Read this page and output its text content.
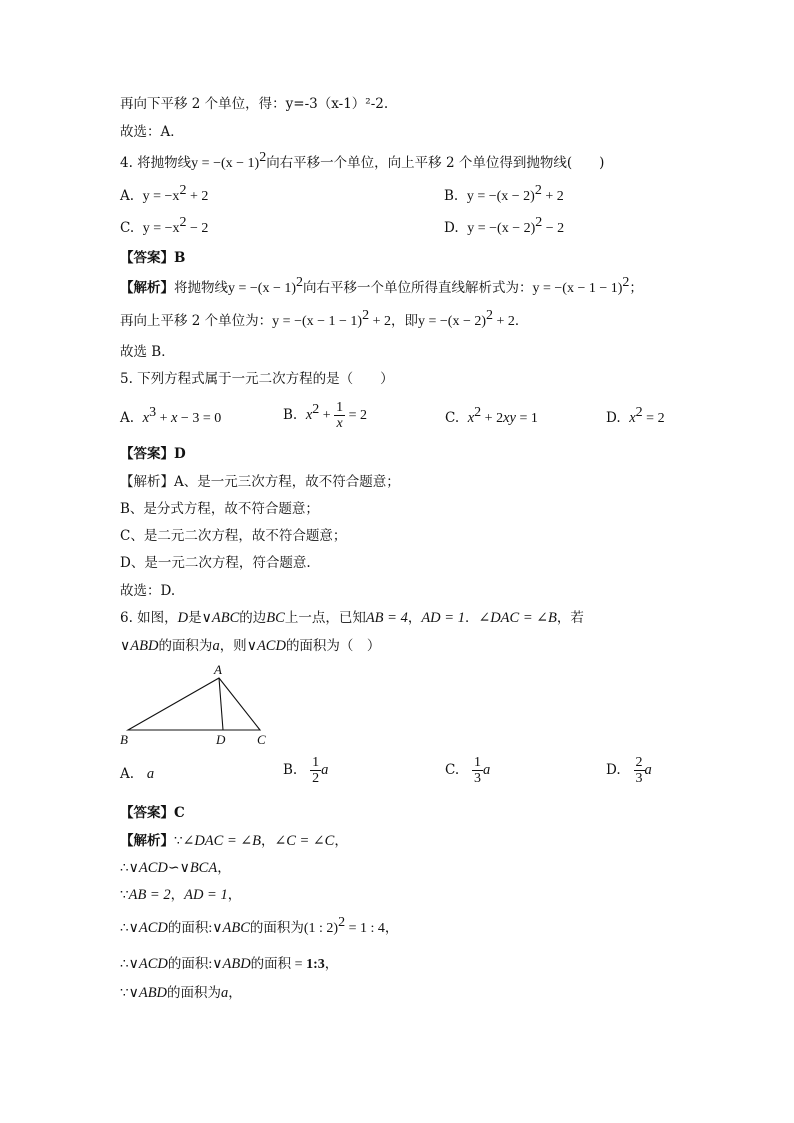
再向下平移 2 个单位，得：y=-3（x-1）²-2.
故选：A．
4. 将抛物线$y = -(x - 1)^2$向右平移一个单位，向上平移 2 个单位得到抛物线(　　)
A. $y = -x^2 + 2$	B. $y = -(x - 2)^2 + 2$
C. $y = -x^2 - 2$	D. $y = -(x - 2)^2 - 2$
【答案】B
【解析】将抛物线$y = -(x - 1)^2$向右平移一个单位所得直线解析式为：$y = -(x - 1 - 1)^2$；
再向上平移 2 个单位为：$y = -(x - 1 - 1)^2 + 2$，即$y = -(x - 2)^2 + 2$．
故选 B．
5. 下列方程式属于一元二次方程的是（　　）
A. $x^3 + x - 3 = 0$	B. $x^2 + \frac{1}{x} = 2$	C. $x^2 + 2xy = 1$	D. $x^2 = 2$
【答案】D
【解析】A、是一元三次方程，故不符合题意；
B、是分式方程，故不符合题意；
C、是二元二次方程，故不符合题意；
D、是一元二次方程，符合题意.
故选：D.
6. 如图，D是∨ABC的边BC上一点，已知AB = 4，AD = 1．∠DAC = ∠B，若
∨ABD的面积为a，则∨ACD的面积为（　）
A
B	D C
A. a	B. $\frac{1}{2}$ a	C. $\frac{1}{3}$ a	D. $\frac{2}{3}$ a
【答案】C
【解析】∵∠DAC = ∠B，∠C = ∠C，
∴∨ACD∽∨BCA，
∵AB = 2，AD = 1，
∴∨ACD的面积:∨ABC的面积为(1 : 2)$^2$ = 1 : 4，
∴∨ACD的面积:∨ABD的面积 = 1:3，
∵∨ABD的面积为a，
